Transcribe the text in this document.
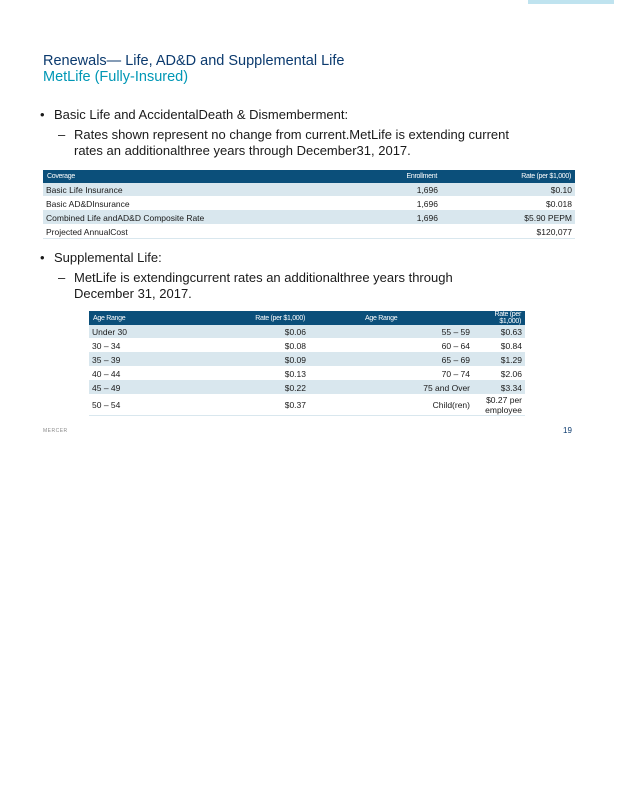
Renewals— Life, AD&D and Supplemental Life
MetLife (Fully-Insured)
• Basic Life and AccidentalDeath & Dismemberment:
– Rates shown represent no change from current.MetLife is extending current
rates an additionalthree years through December31, 2017.
Coverage	Enrollment	Rate (per $1,000)
Basic Life Insurance	1,696	$0.10
Basic AD&DInsurance	1,696	$0.018
Combined Life andAD&D Composite Rate	1,696	$5.90 PEPM
Projected AnnualCost		$120,077
• Supplemental Life:
– MetLife is extendingcurrent rates an additionalthree years through
December 31, 2017.
Age Range	Rate (per $1,000)	Age Range	Rate (per $1,000)
Under 30	$0.06	55 – 59	$0.63
30 – 34	$0.08	60 – 64	$0.84
35 – 39	$0.09	65 – 69	$1.29
40 – 44	$0.13	70 – 74	$2.06
45 – 49	$0.22	75 and Over	$3.34
50 – 54	$0.37	Child(ren)	$0.27 per employee
MERCER	19
